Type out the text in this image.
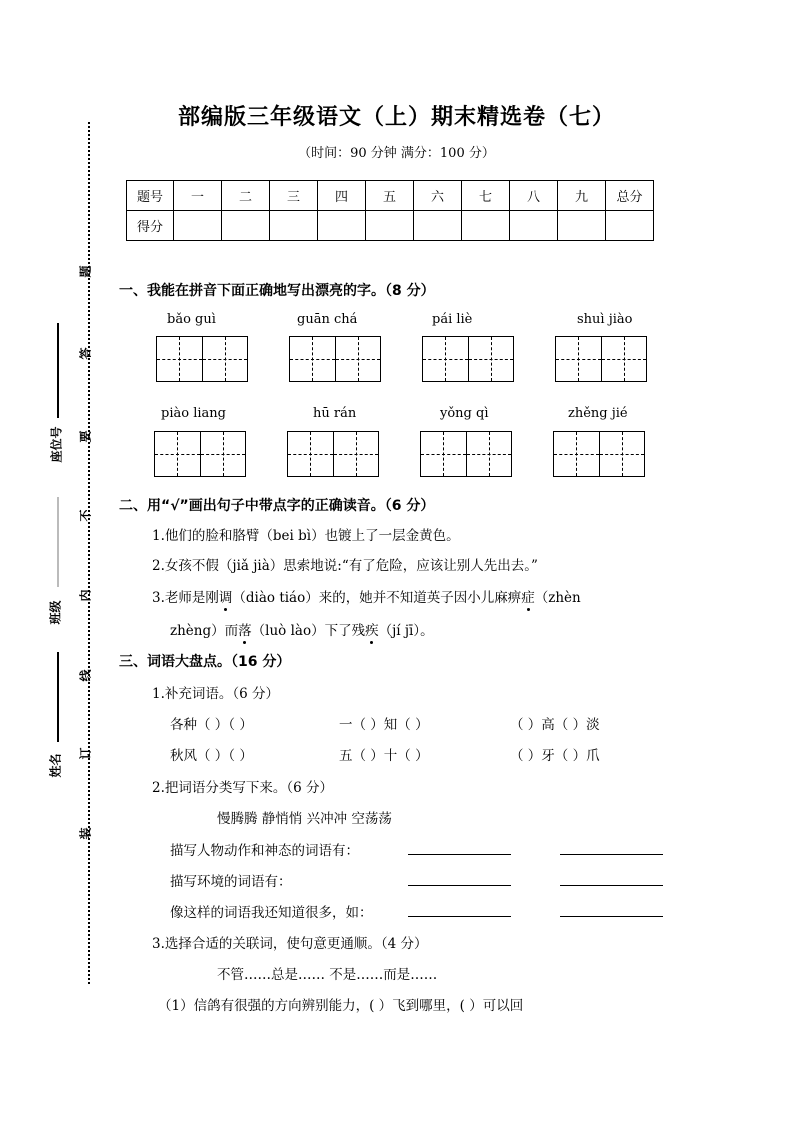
部编版三年级语文（上）期末精选卷（七）
（时间：90 分钟 满分：100 分）
题号	一	二	三	四	五	六	七	八	九	总分
得分										
题
答
要
不
内
线
订
装
座位号
班级
姓名
一、我能在拼音下面正确地写出漂亮的字。（8 分）
bǎo guì	guān chá	pái liè	shuì jiào
piào liang	hū rán	yǒng qì	zhěng jié
二、用“√”画出句子中带点字的正确读音。（6 分）
1.他们的脸和胳臂（bei bì）也镀上了一层金黄色。
2.女孩不假（jiǎ jià）思索地说:“有了危险，应该让别人先出去。”
3.老师是刚调（diào tiáo）来的，她并不知道英子因小儿麻痹症（zhèn
zhèng）而落（luò lào）下了残疾（jí jī）。
三、词语大盘点。（16 分）
1.补充词语。（6 分）
各种（ ）（ ）	一（ ）知（ ）	（ ）高（ ）淡
秋风（ ）（ ）	五（ ）十（ ）	（ ）牙（ ）爪
2.把词语分类写下来。（6 分）
慢腾腾 静悄悄 兴冲冲 空荡荡
描写人物动作和神态的词语有：
描写环境的词语有：
像这样的词语我还知道很多，如：
3.选择合适的关联词，使句意更通顺。（4 分）
不管……总是…… 不是……而是……
（1）信鸽有很强的方向辨别能力，( ）飞到哪里，( ）可以回
